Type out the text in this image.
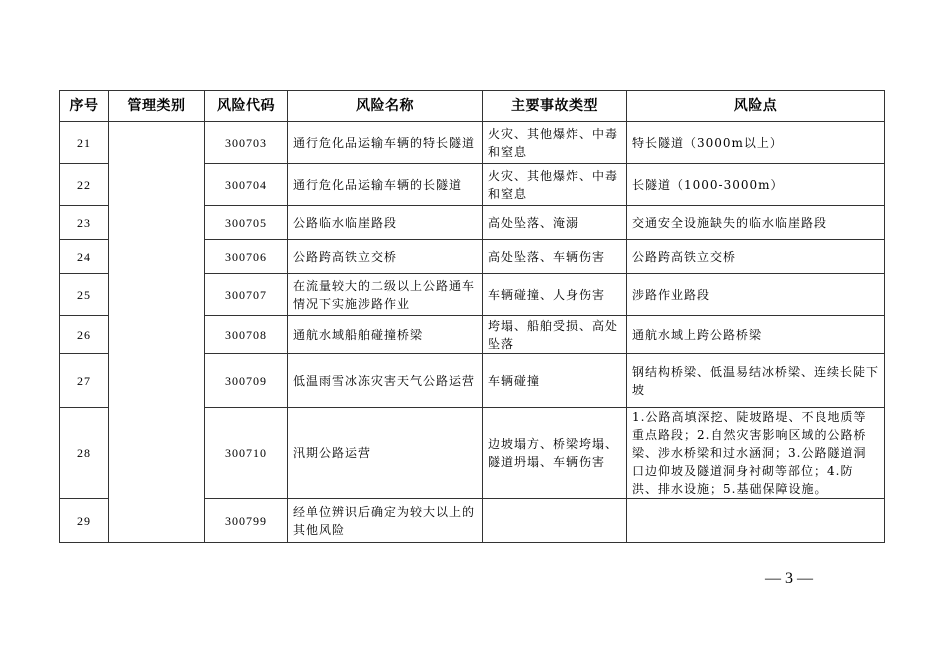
序号	管理类别	风险代码	风险名称	主要事故类型	风险点
21		300703	通行危化品运输车辆的特长隧道	火灾、其他爆炸、中毒和窒息	特长隧道（3000m以上）
22		300704	通行危化品运输车辆的长隧道	火灾、其他爆炸、中毒和窒息	长隧道（1000-3000m）
23		300705	公路临水临崖路段	高处坠落、淹溺	交通安全设施缺失的临水临崖路段
24		300706	公路跨高铁立交桥	高处坠落、车辆伤害	公路跨高铁立交桥
25		300707	在流量较大的二级以上公路通车情况下实施涉路作业	车辆碰撞、人身伤害	涉路作业路段
26		300708	通航水域船舶碰撞桥梁	垮塌、船舶受损、高处坠落	通航水域上跨公路桥梁
27		300709	低温雨雪冰冻灾害天气公路运营	车辆碰撞	钢结构桥梁、低温易结冰桥梁、连续长陡下坡
28		300710	汛期公路运营	边坡塌方、桥梁垮塌、隧道坍塌、车辆伤害	1.公路高填深挖、陡坡路堤、不良地质等重点路段；2.自然灾害影响区域的公路桥梁、涉水桥梁和过水涵洞；3.公路隧道洞口边仰坡及隧道洞身衬砌等部位；4.防洪、排水设施；5.基础保障设施。
29		300799	经单位辨识后确定为较大以上的其他风险		
— 3 —
